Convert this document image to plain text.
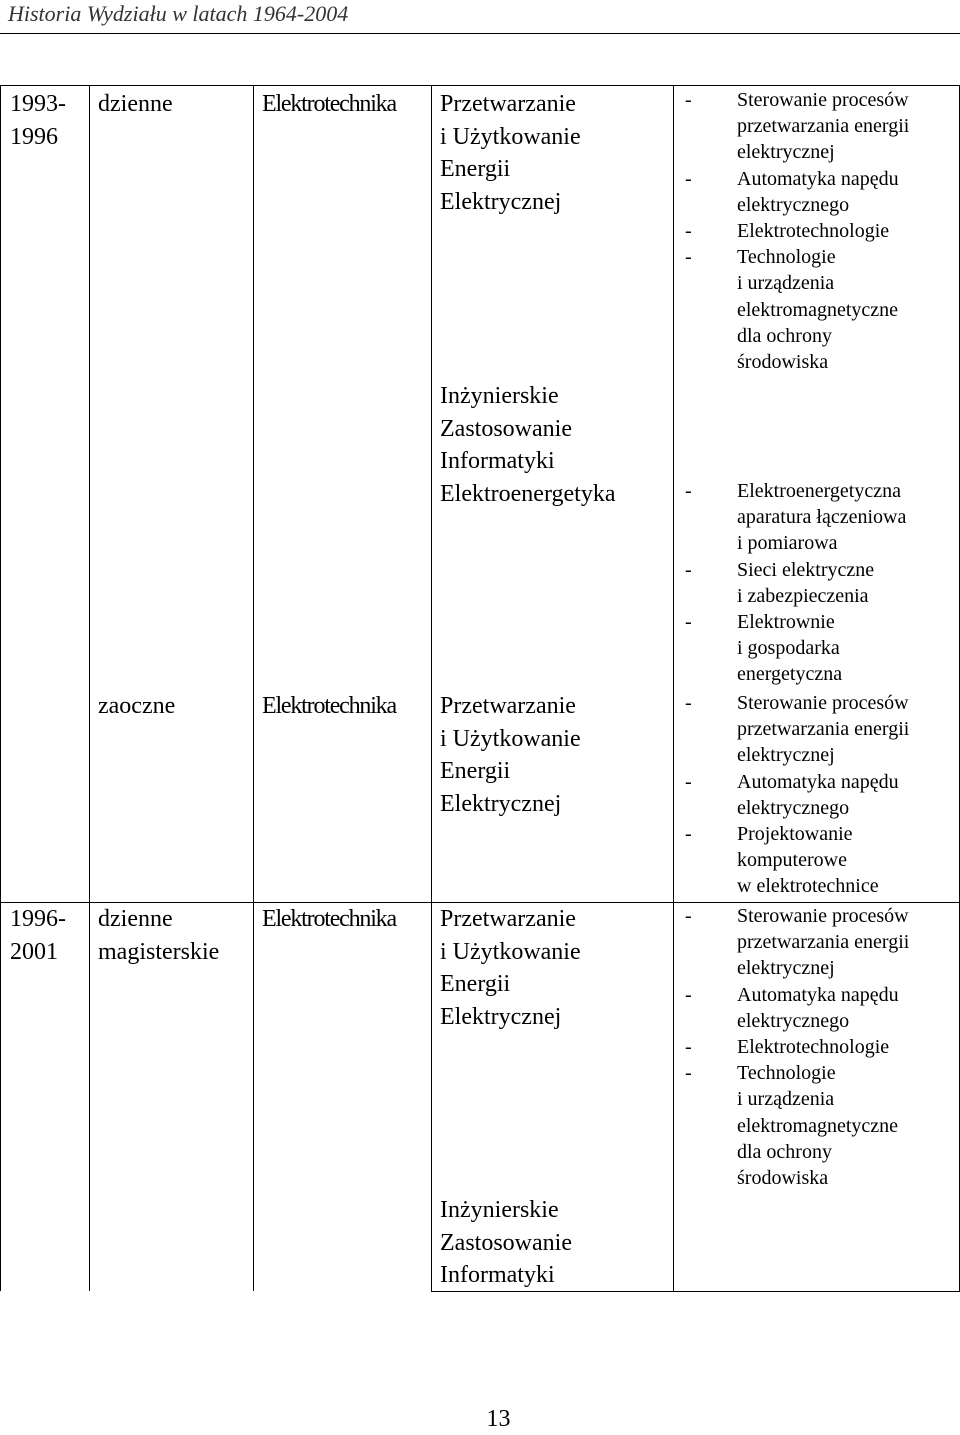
Historia Wydziału w latach 1964-2004
1993-
1996
dzienne	Elektrotechnika Przetwarzanie
i Użytkowanie
Energii
Elektrycznej
- Sterowanie procesów
przetwarzania energii
elektrycznej
- Automatyka napędu
elektrycznego
- Elektrotechnologie
- Technologie
i urządzenia
elektromagnetyczne
dla ochrony
środowiska
Inżynierskie
Zastosowanie
Informatyki
Elektroenergetyka
-	Elektroenergetyczna
aparatura łączeniowa
i pomiarowa
- Sieci elektryczne
i zabezpieczenia
- Elektrownie
i gospodarka
energetyczna
zaoczne	Elektrotechnika Przetwarzanie
i Użytkowanie
Energii
Elektrycznej
- Sterowanie procesów
przetwarzania energii
elektrycznej
- Automatyka napędu
elektrycznego
- Projektowanie
komputerowe
w elektrotechnice
1996-
2001
dzienne
magisterskie
Elektrotechnika Przetwarzanie
i Użytkowanie
Energii
Elektrycznej
- Sterowanie procesów
przetwarzania energii
elektrycznej
- Automatyka napędu
elektrycznego
- Elektrotechnologie
- Technologie
i urządzenia
elektromagnetyczne
dla ochrony
środowiska
Inżynierskie
Zastosowanie
Informatyki
13
